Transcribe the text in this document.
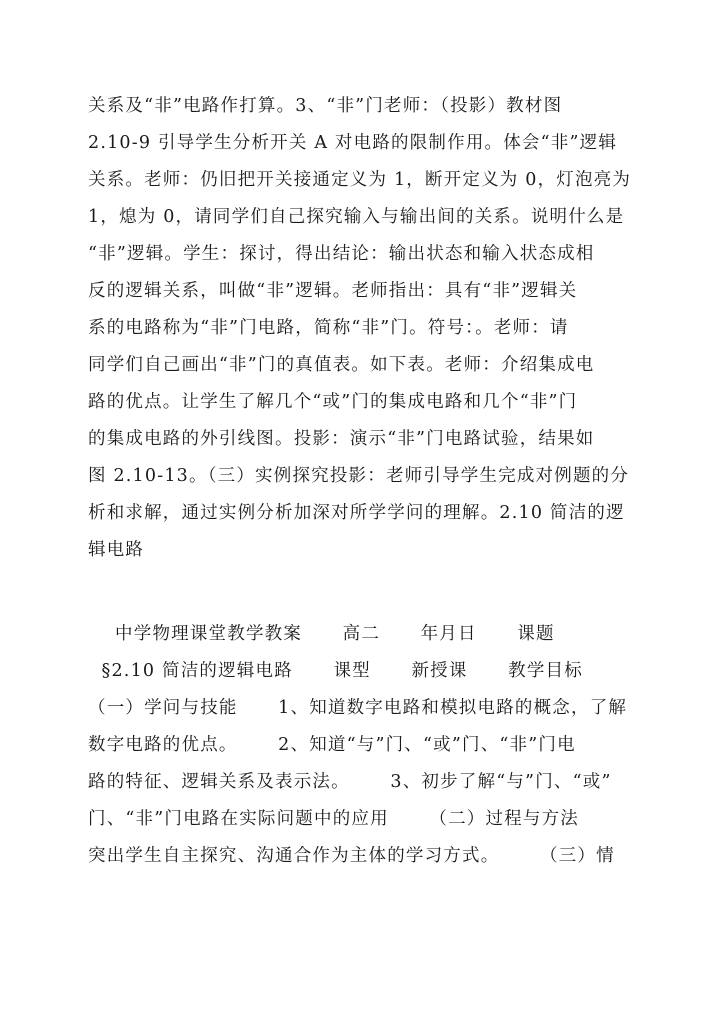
关系及“非”电路作打算。3、“非”门老师：（投影）教材图
2.10-9 引导学生分析开关 A 对电路的限制作用。体会“非”逻辑
关系。老师：仍旧把开关接通定义为 1，断开定义为 0，灯泡亮为
1，熄为 0，请同学们自己探究输入与输出间的关系。说明什么是
“非”逻辑。学生：探讨，得出结论：输出状态和输入状态成相
反的逻辑关系，叫做“非”逻辑。老师指出：具有“非”逻辑关
系的电路称为“非”门电路，简称“非”门。符号：。老师：请
同学们自己画出“非”门的真值表。如下表。老师：介绍集成电
路的优点。让学生了解几个“或”门的集成电路和几个“非”门
的集成电路的外引线图。投影：演示“非”门电路试验，结果如
图 2.10-13。（三）实例探究投影：老师引导学生完成对例题的分
析和求解，通过实例分析加深对所学学问的理解。2.10 简洁的逻
辑电路
中学物理课堂教学教案      高二      年月日      课题
§2.10 简洁的逻辑电路      课型      新授课      教学目标
（一）学问与技能      1、知道数字电路和模拟电路的概念，了解
数字电路的优点。      2、知道“与”门、“或”门、“非”门电
路的特征、逻辑关系及表示法。      3、初步了解“与”门、“或”
门、“非”门电路在实际问题中的应用      （二）过程与方法
突出学生自主探究、沟通合作为主体的学习方式。      （三）情
